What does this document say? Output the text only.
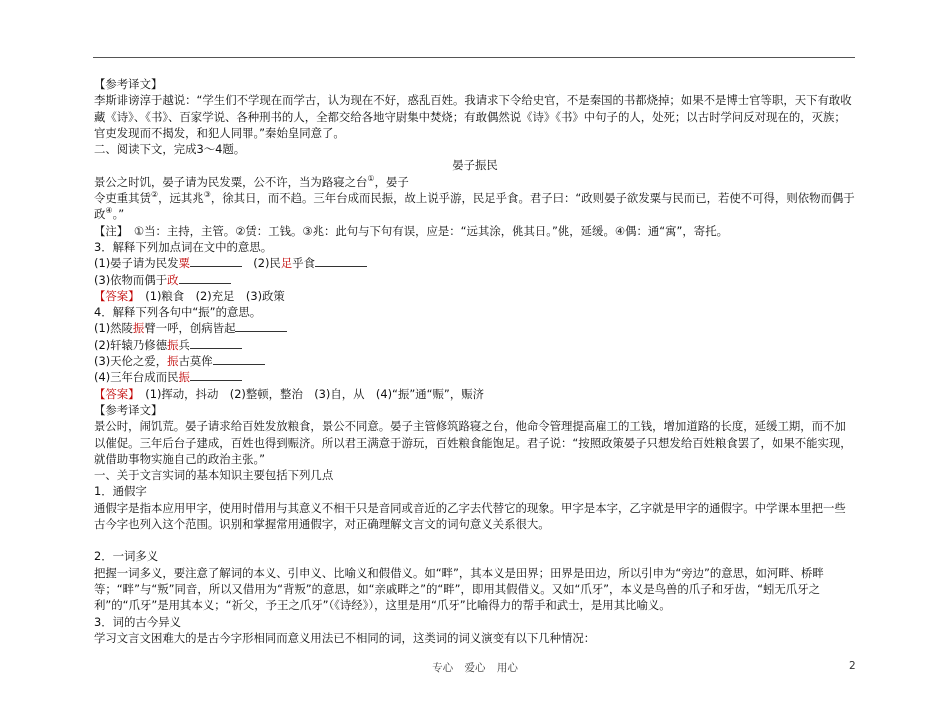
【参考译文】

李斯诽谤淳于越说：“学生们不学现在而学古，认为现在不好，惑乱百姓。我请求下令给史官，不是秦国的书都烧掉；如果不是博士官等职，天下有敢收藏《诗》、《书》、百家学说、各种刑书的人，全都交给各地守尉集中焚烧；有敢偶然说《诗》《书》中句子的人，处死；以古时学问反对现在的，灭族；官吏发现而不揭发，和犯人同罪。”秦始皇同意了。

二、阅读下文，完成3～4题。

晏子振民

景公之时饥，晏子请为民发粟，公不许，当为路寝之台①，晏子

令吏重其赁②，远其兆③，徐其日，而不趋。三年台成而民振，故上说乎游，民足乎食。君子曰：“政则晏子欲发粟与民而已，若使不可得，则依物而偶于政④。”

【注】　①当：主持，主管。②赁：工钱。③兆：此句与下句有误，应是：“远其涂，佻其日。”佻，延缓。④偶：通“寓”，寄托。

3．解释下列加点词在文中的意思。

(1)晏子请为民发粟	　(2)民足乎食

(3)依物而偶于政

【答案】　(1)粮食　(2)充足　(3)政策

4．解释下列各句中“振”的意思。

(1)然陵振臂一呼，创病皆起

(2)轩辕乃修德振兵

(3)天伦之爱，振古莫侔

(4)三年台成而民振

【答案】　(1)挥动，抖动　(2)整顿，整治　(3)自，从　(4)“振”通“赈”，赈济

【参考译文】

景公时，闹饥荒。晏子请求给百姓发放粮食，景公不同意。晏子主管修筑路寝之台，他命令管理提高雇工的工钱，增加道路的长度，延缓工期，而不加以催促。三年后台子建成，百姓也得到赈济。所以君王满意于游玩，百姓粮食能饱足。君子说：“按照政策晏子只想发给百姓粮食罢了，如果不能实现，就借助事物实施自己的政治主张。”

一、关于文言实词的基本知识主要包括下列几点

1．通假字

通假字是指本应用甲字，使用时借用与其意义不相干只是音同或音近的乙字去代替它的现象。甲字是本字，乙字就是甲字的通假字。中学课本里把一些古今字也列入这个范围。识别和掌握常用通假字，对正确理解文言文的词句意义关系很大。

2．一词多义

把握一词多义，要注意了解词的本义、引申义、比喻义和假借义。如“畔”，其本义是田界；田界是田边，所以引申为“旁边”的意思，如河畔、桥畔等；“畔”与“叛”同音，所以又借用为“背叛”的意思，如“亲戚畔之”的“畔”，即用其假借义。又如“爪牙”，本义是鸟兽的爪子和牙齿，“蚓无爪牙之利”的“爪牙”是用其本义；“祈父，予王之爪牙”（《诗经》），这里是用“爪牙”比喻得力的帮手和武士，是用其比喻义。

3．词的古今异义

学习文言文困难大的是古今字形相同而意义用法已不相同的词，这类词的词义演变有以下几种情况：

专心 爱心 用心	2
